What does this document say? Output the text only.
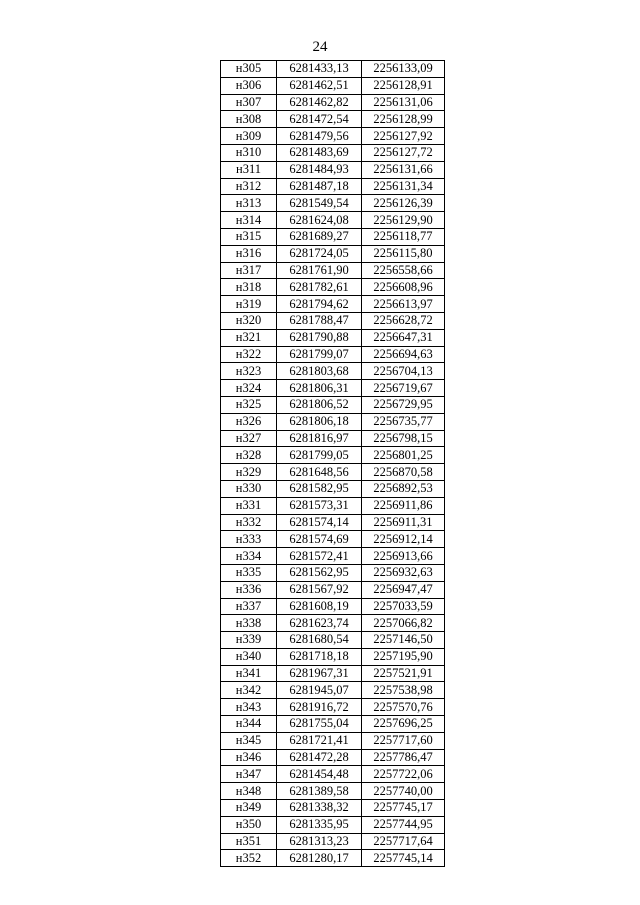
24
н305	6281433,13	2256133,09
н306	6281462,51	2256128,91
н307	6281462,82	2256131,06
н308	6281472,54	2256128,99
н309	6281479,56	2256127,92
н310	6281483,69	2256127,72
н311	6281484,93	2256131,66
н312	6281487,18	2256131,34
н313	6281549,54	2256126,39
н314	6281624,08	2256129,90
н315	6281689,27	2256118,77
н316	6281724,05	2256115,80
н317	6281761,90	2256558,66
н318	6281782,61	2256608,96
н319	6281794,62	2256613,97
н320	6281788,47	2256628,72
н321	6281790,88	2256647,31
н322	6281799,07	2256694,63
н323	6281803,68	2256704,13
н324	6281806,31	2256719,67
н325	6281806,52	2256729,95
н326	6281806,18	2256735,77
н327	6281816,97	2256798,15
н328	6281799,05	2256801,25
н329	6281648,56	2256870,58
н330	6281582,95	2256892,53
н331	6281573,31	2256911,86
н332	6281574,14	2256911,31
н333	6281574,69	2256912,14
н334	6281572,41	2256913,66
н335	6281562,95	2256932,63
н336	6281567,92	2256947,47
н337	6281608,19	2257033,59
н338	6281623,74	2257066,82
н339	6281680,54	2257146,50
н340	6281718,18	2257195,90
н341	6281967,31	2257521,91
н342	6281945,07	2257538,98
н343	6281916,72	2257570,76
н344	6281755,04	2257696,25
н345	6281721,41	2257717,60
н346	6281472,28	2257786,47
н347	6281454,48	2257722,06
н348	6281389,58	2257740,00
н349	6281338,32	2257745,17
н350	6281335,95	2257744,95
н351	6281313,23	2257717,64
н352	6281280,17	2257745,14
